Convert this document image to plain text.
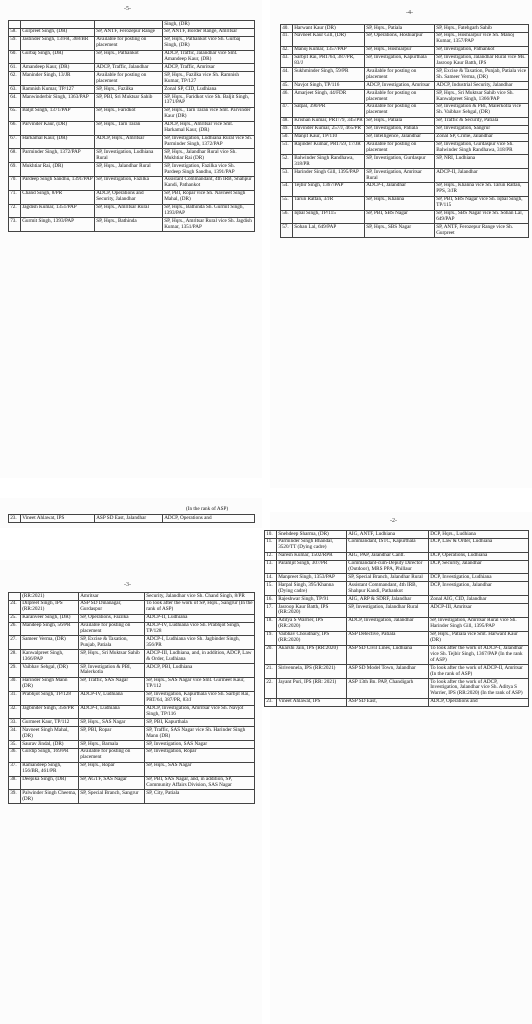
-5-
			Singh, (DR)
58.	Gurpreet Singh, (DR)	SP, ANTF, Ferozepur Range	SP, ANTF, Border Range, Amritsar
59.	Jastinder Singh, 13/FR, 368/BR	Available for posting on placement	SP, Hqrs., Pathankot vice Sh. Gurbaj Singh, (DR)
60.	Gurbaj Singh, (DR)	SP, Hqrs., Pathankot	ADCP, Traffic, Jalandhar vice Smt. Amandeep Kaur, (DR)
61.	Amandeep Kaur, (DR)	ADCP, Traffic, Jalandhar	ADCP, Traffic, Amritsar
62.	Maninder Singh, 13/JR	Available for posting on placement	SP, Hqrs., Fazilka vice Sh. Ramnish Kumar, TP/127
63.	Ramnish Kumar, TP/127	SP, Hqrs., Fazilka	Zonal SP, CID, Ludhiana
64.	Manwinderbir Singh, 1363/PAP	SP, PBI, Sri Muktsar Sahib	SP, Hqrs., Faridkot vice Sh. Baljit Singh, 1371/PAP
65.	Baljit Singh, 1371/PAP	SP, Hqrs., Faridkot	SP, Hqrs., Tarn Taran vice Smt. Parvinder Kaur (DR)
66.	Parvinder Kaur, (DR)	SP, Hqrs., Tarn Taran	ADCP, Hqrs., Amritsar vice Smt. Harkamal Kaur, (DR)
67.	Harkamal Kaur, (DR)	ADCP, Hqrs., Amritsar	SP, Investigation, Ludhiana Rural vice Sh. Parminder Singh, 1372/PAP
68.	Parminder Singh, 1372/PAP	SP, Investigation, Ludhiana Rural	SP, Hqrs., Jalandhar Rural vice Sh. Mukhtiar Rai (DR)
69.	Mukhtiar Rai, (DR)	SP, Hqrs., Jalandhar Rural	SP, Investigation, Fazilka vice Sh. Pardeep Singh Sandhu, 1391/PAP
70.	Pardeep Singh Sandhu, 1391/PAP	SP, Investigation, Fazilka	Assistant Commandant, 4th IRB, Shahpur Kandi, Pathankot
71.	Chand Singh, 8/PR	ADCP, Operations and Security, Jalandhar	SP, PBI, Ropar vice Sh. Navneet Singh Mahal, (DR)
72.	Jagdish Kumar, 1351/PAP	SP, Hqrs., Amritsar Rural	SP, Hqrs., Bathinda Sh. Gurmit Singh, 1393/PAP
73.	Gurmit Singh, 1393/PAP	SP, Hqrs., Bathinda	SP, Hqrs., Amritsar Rural vice Sh. Jagdish Kumar, 1351/PAP
-4-
40.	Harwant Kaur (DR)	SP, Hqrs., Patiala	SP, Hqrs., Fatehgarh Sahib
41.	Navneet Kaur Gill, (DR)	SP, Operations, Hoshiarpur	SP, Hqrs., Hoshiarpur vice Sh. Manoj Kumar, 1357/PAP
42.	Manoj Kumar, 1357/PAP	SP, Hqrs., Hoshiarpur	SP, Investigation, Pathankot
43.	Sarbjit Rai, PRT/64, 387/PR, 83/J	SP, Investigation, Kapurthala	SP, Investigation, Jalandhar Rural vice Ms. Jasroop Kaur Batth, IPS
44.	Sukhminder Singh, 59/PR	Available for posting on placement	SP, Excise & Taxation, Punjab, Patiala vice Sh. Sameer Verma, (DR)
45.	Navjot Singh, TP/116	ADCP, Investigation, Amritsar	ADCP, Industrial Security, Jalandhar
46.	Amarjeet Singh, 44/FDR	Available for posting on placement	SP, Hqrs., Sri Muktsar Sahib vice Sh. Kanwalpreet Singh, 1366/PAP
47.	Satpal, 390/PR	Available for posting on placement	SP, Investigation & PBI, Malerkotla vice Sh. Vaibhav Sehgal, (DR)
48.	Krishan Kumar, PRT/79, 345/PR	SP, Hqrs., Patiala	SP, Traffic & Security, Patiala
49.	Davinder Kumar, 257/J, 465/PR	SP, Investigation, Patiala	SP, Investigation, Sangrur
50.	Manjit Kaur, TP/110	SP, Intelligence, Jalandhar	Zonal SP, Crime, Jalandhar
51.	Rajinder Kumar, PRT/59, 17/JR	Available for posting on placement	SP, Investigation, Gurdaspur vice Sh. Balwinder Singh Randhawa, 318/PR
52.	Balwinder Singh Randhawa, 318/PR	SP, Investigation, Gurdaspur	SP, NRI, Ludhiana
53.	Harinder Singh Gill, 1395/PAP	SP, Investigation, Amritsar Rural	ADCP-II, Jalandhar
54.	Tejbir Singh, 1367/PAP	ADCP-I, Jalandhar	SP, Hqrs., Khanna vice Sh. Tarun Rattan, PPS, 3/JR
55.	Tarun Rattan, 3/JR	SP, Hqrs., Khanna	SP, PBI, SBS Nagar vice Sh. Iqbal Singh, TP/115
56.	Iqbal Singh, TP/115	SP, PBI, SBS Nagar	SP, Hqrs., SBS Nagar vice Sh. Sohan Lal, 649/PAP
57.	Sohan Lal, 649/PAP	SP, Hqrs., SBS Nagar	SP, ANTF, Ferozepur Range vice Sh. Gurpreet
(In the rank of ASP)
23.	Vineet Ahlawat, IPS	ASP SD East, Jalandhar	ADCP, Operations and
-3-
	(RR:2021)	Amritsar	Security, Jalandhar vice Sh. Chand Singh, 8/PR
24.	Dilpreet Singh, IPS (RR:2021)	ASP SD Dinanagar, Gurdaspur	To look after the work of SP, Hqrs., Sangrur (In the rank of ASP)
25.	Karanveer Singh, (DR)	SP, Operations, Fazilka	ADCP-II, Ludhiana
26.	Mandeep Singh, 56/PR	Available for posting on placement	ADCP-IV, Ludhiana vice Sh. Prabhjot Singh, TP/128
27.	Sameer Verma, (DR)	SP, Excise & Taxation, Punjab, Patiala	ADCP-I, Ludhiana vice Sh. Jagbinder Singh, 356/PR
28.	Kanwalpreet Singh, 1366/PAP	SP, Hqrs., Sri Muktsar Sahib	ADCP-III, Ludhiana, and, in addition, ADCP, Law & Order, Ludhiana
29.	Vaibhav Sehgal, (DR)	SP, Investigation & PBI, Malerkotla	ADCP, PBI, Ludhiana
30.	Harinder Singh Mann (DR)	SP, Traffic, SAS Nagar	SP, Hqrs., SAS Nagar vice Smt. Gurmeet Kaur, TP/112
31.	Prabhjot Singh, TP/128	ADCP-IV, Ludhiana	SP, Investigation, Kapurthala vice Sh. Sarbjit Rai, PRT/64, 387/PR, 83/J
32.	Jagbinder Singh, 356/PR	ADCP-I, Ludhiana	ADCP, Investigation, Amritsar vice Sh. Navjot Singh, TP/116
33.	Gurmeet Kaur, TP/112	SP, Hqrs., SAS Nagar	SP, PBI, Kapurthala
34.	Navneet Singh Mahal, (DR)	SP, PBI, Ropar	SP, Traffic, SAS Nagar vice Sh. Harinder Singh Mann (DR)
35.	Saurav Jindal, (DR)	SP, Hqrs., Barnala	SP, Investigation, SAS Nagar
36.	Gurdip Singh, 169/PR	Available for posting on placement	SP, Investigation, Ropar
37.	Ramandeep Singh, 156/BR, 461/PR	SP, Hqrs., Ropar	SP, Hqrs., SAS Nagar
38.	Deepika Singh, (DR)	SP, AGTF, SAS Nagar	SP, PBI, SAS Nagar, and, in addition, SP, Community Affairs Division, SAS Nagar
39.	Palwinder Singh Cheema, (DR)	SP, Special Branch, Sangrur	SP, City, Patiala
-2-
10.	Snehdeep Sharma, (DR)	AIG, ANTF, Ludhiana	DCP, Hqrs., Ludhiana
11.	Parminder Singh Bhandal, 3520/TT (Dying cadre)	Commandant, ISTC, Kapurthala	DCP, Law & Order, Ludhiana
12.	Naresh Kumar, 1502/RPR	AIG, PAP, Jalandhar Cantt.	DCP, Operations, Ludhiana
13.	Paramjit Singh, 307/PR	Commandant-cum-Deputy Director (Outdoor), MRS PPA, Phillaur	DCP, Security, Jalandhar
14.	Manpreet Singh, 1353/PAP	SP, Special Branch, Jalandhar Rural	DCP, Investigation, Ludhiana
15.	Harpal Singh, 395/Khanna (Dying cadre)	Assistant Commandant, 4th IRB, Shahpur Kandi, Pathankot	DCP, Investigation, Jalandhar
16.	Rajeshwar Singh, TP/91	AIG, ARP & SDRF, Jalandhar	Zonal AIG, CID, Jalandhar
17.	Jasroop Kaur Batth, IPS (RR:2020)	SP, Investigation, Jalandhar Rural	ADCP-III, Amritsar
18.	Aditya S Warrier, IPS (RR:2020)	ADCP, Investigation, Jalandhar	SP, Investigation, Amritsar Rural vice Sh. Harinder Singh Gill, 1395/PAP
19.	Vaibhav Choudhary, IPS (RR:2020)	ASP Detective, Patiala	SP, Hqrs., Patiala vice Smt. Harwant Kaur (DR)
20.	Akarshi Jain, IPS (RR:2020)	ASP SD Civil Lines, Ludhiana	To look after the work of ADCP-I, Jalandhar vice Sh. Tejbir Singh, 1367/PAP (In the rank of ASP)
21.	Sirivennela, IPS (RR:2021)	ASP SD Model Town, Jalandhar	To look after the work of ADCP-II, Amritsar (In the rank of ASP)
22.	Jayant Puri, IPS (RR: 2021)	ASP 13th Bn. PAP, Chandigarh	To look after the work of ADCP, Investigation, Jalandhar vice Sh. Aditya S Warrier, IPS (RR:2020) (In the rank of ASP)
23.	Vineet Ahlawat, IPS	ASP SD East,	ADCP, Operations and
